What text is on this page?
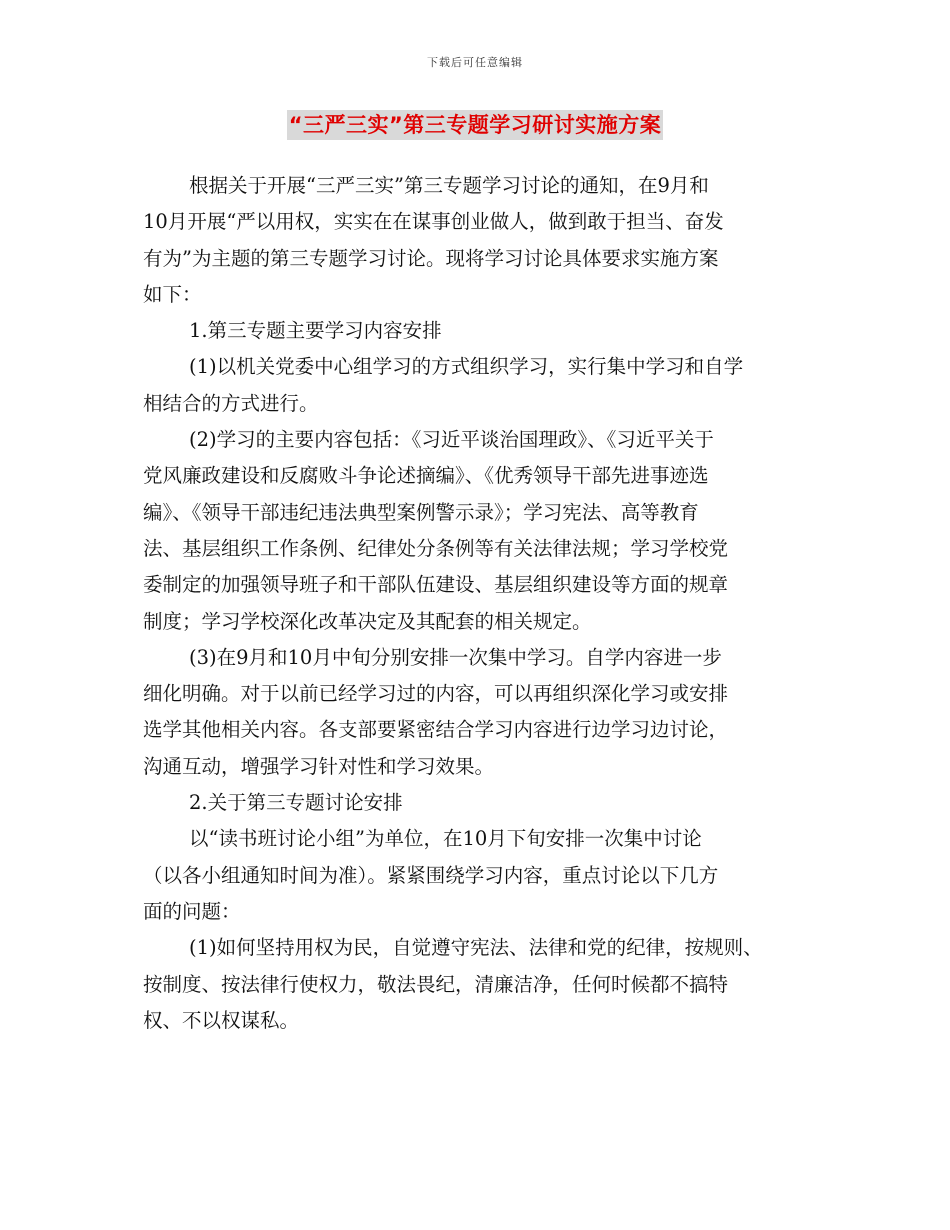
下载后可任意编辑
“三严三实”第三专题学习研讨实施方案
根据关于开展“三严三实”第三专题学习讨论的通知，在9月和
10月开展“严以用权，实实在在谋事创业做人，做到敢于担当、奋发
有为”为主题的第三专题学习讨论。现将学习讨论具体要求实施方案
如下：
1.第三专题主要学习内容安排
(1)以机关党委中心组学习的方式组织学习，实行集中学习和自学
相结合的方式进行。
(2)学习的主要内容包括：《习近平谈治国理政》、《习近平关于
党风廉政建设和反腐败斗争论述摘编》、《优秀领导干部先进事迹选
编》、《领导干部违纪违法典型案例警示录》；学习宪法、高等教育
法、基层组织工作条例、纪律处分条例等有关法律法规；学习学校党
委制定的加强领导班子和干部队伍建设、基层组织建设等方面的规章
制度；学习学校深化改革决定及其配套的相关规定。
(3)在9月和10月中旬分别安排一次集中学习。自学内容进一步
细化明确。对于以前已经学习过的内容，可以再组织深化学习或安排
选学其他相关内容。各支部要紧密结合学习内容进行边学习边讨论，
沟通互动，增强学习针对性和学习效果。
2.关于第三专题讨论安排
以“读书班讨论小组”为单位，在10月下旬安排一次集中讨论
（以各小组通知时间为准）。紧紧围绕学习内容，重点讨论以下几方
面的问题：
(1)如何坚持用权为民，自觉遵守宪法、法律和党的纪律，按规则、
按制度、按法律行使权力，敬法畏纪，清廉洁净，任何时候都不搞特
权、不以权谋私。
